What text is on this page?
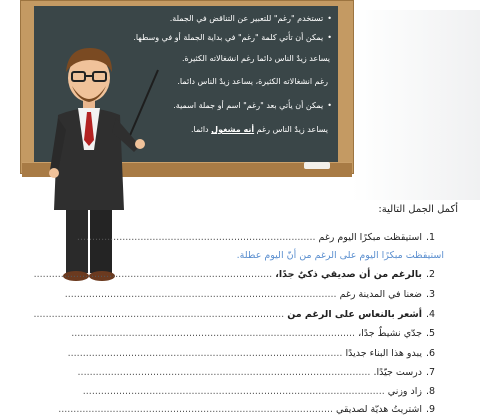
• تستخدم "رغم" للتعبير عن التناقض في الجملة.
• يمكن أن تأتي كلمة "رغم" في بداية الجملة أو في وسطها.
يساعد زيدٌ الناس دائما رغم انشغالاته الكثيرة.
رغم انشغالاته الكثيرة، يساعد زيدٌ الناس دائما.
• يمكن أن يأتي بعد "رغم" اسم أو جملة اسمية.
يساعد زيدٌ الناس رغم أنه مشغول دائما.
أكمل الجمل التالية:
1.استيقظت مبكرًا اليوم رغم ...............................................................................
استيقظت مبكرًا اليوم على الرغم من أنّ اليوم عطلة.
2.بالرغم من أن صديقي ذكيٌ جدًا، ...............................................................................
3.ضعنا في المدينة رغم ..........................................................................................
4.أشعر بالنعاس على الرغم من ...................................................................................
5.جدّي نشيطٌ جدًا، ..............................................................................................
6.يبدو هذا البناء جديدًا ...........................................................................................
7.درست جيّدًا. .................................................................................................
8.زاد وزني ....................................................................................................
9.اشتريتُ هديّة لصديقي ...........................................................................................
